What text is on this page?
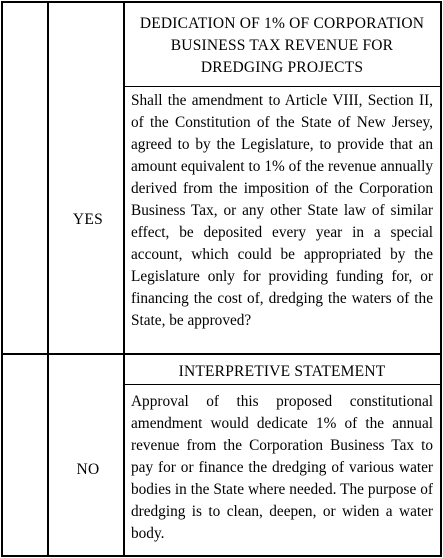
YES
DEDICATION OF 1% OF CORPORATION
BUSINESS TAX REVENUE FOR
DREDGING PROJECTS
Shall the amendment to Article VIII, Section II, of the Constitution of the State of New Jersey, agreed to by the Legislature, to provide that an amount equivalent to 1% of the revenue annually derived from the imposition of the Corporation Business Tax, or any other State law of similar effect, be deposited every year in a special account, which could be appropriated by the Legislature only for providing funding for, or financing the cost of, dredging the waters of the State, be approved?
NO
INTERPRETIVE STATEMENT
Approval of this proposed constitutional amendment would dedicate 1% of the annual revenue from the Corporation Business Tax to pay for or finance the dredging of various water bodies in the State where needed. The purpose of dredging is to clean, deepen, or widen a water body.
